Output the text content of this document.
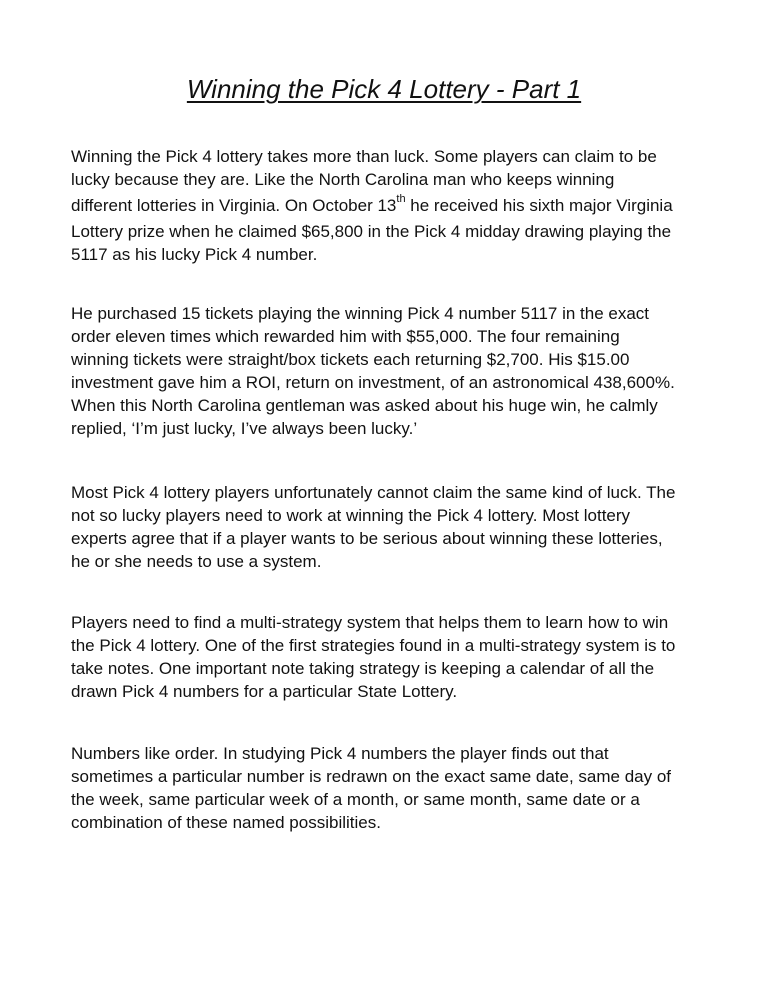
Winning the Pick 4 Lottery - Part 1
Winning the Pick 4 lottery takes more than luck. Some players can claim to be
lucky because they are. Like the North Carolina man who keeps winning
different lotteries in Virginia. On October 13th he received his sixth major Virginia
Lottery prize when he claimed $65,800 in the Pick 4 midday drawing playing the
5117 as his lucky Pick 4 number.
He purchased 15 tickets playing the winning Pick 4 number 5117 in the exact
order eleven times which rewarded him with $55,000. The four remaining
winning tickets were straight/box tickets each returning $2,700. His $15.00
investment gave him a ROI, return on investment, of an astronomical 438,600%.
When this North Carolina gentleman was asked about his huge win, he calmly
replied, ‘I’m just lucky, I’ve always been lucky.’
Most Pick 4 lottery players unfortunately cannot claim the same kind of luck. The
not so lucky players need to work at winning the Pick 4 lottery. Most lottery
experts agree that if a player wants to be serious about winning these lotteries,
he or she needs to use a system.
Players need to find a multi-strategy system that helps them to learn how to win
the Pick 4 lottery. One of the first strategies found in a multi-strategy system is to
take notes. One important note taking strategy is keeping a calendar of all the
drawn Pick 4 numbers for a particular State Lottery.
Numbers like order. In studying Pick 4 numbers the player finds out that
sometimes a particular number is redrawn on the exact same date, same day of
the week, same particular week of a month, or same month, same date or a
combination of these named possibilities.
